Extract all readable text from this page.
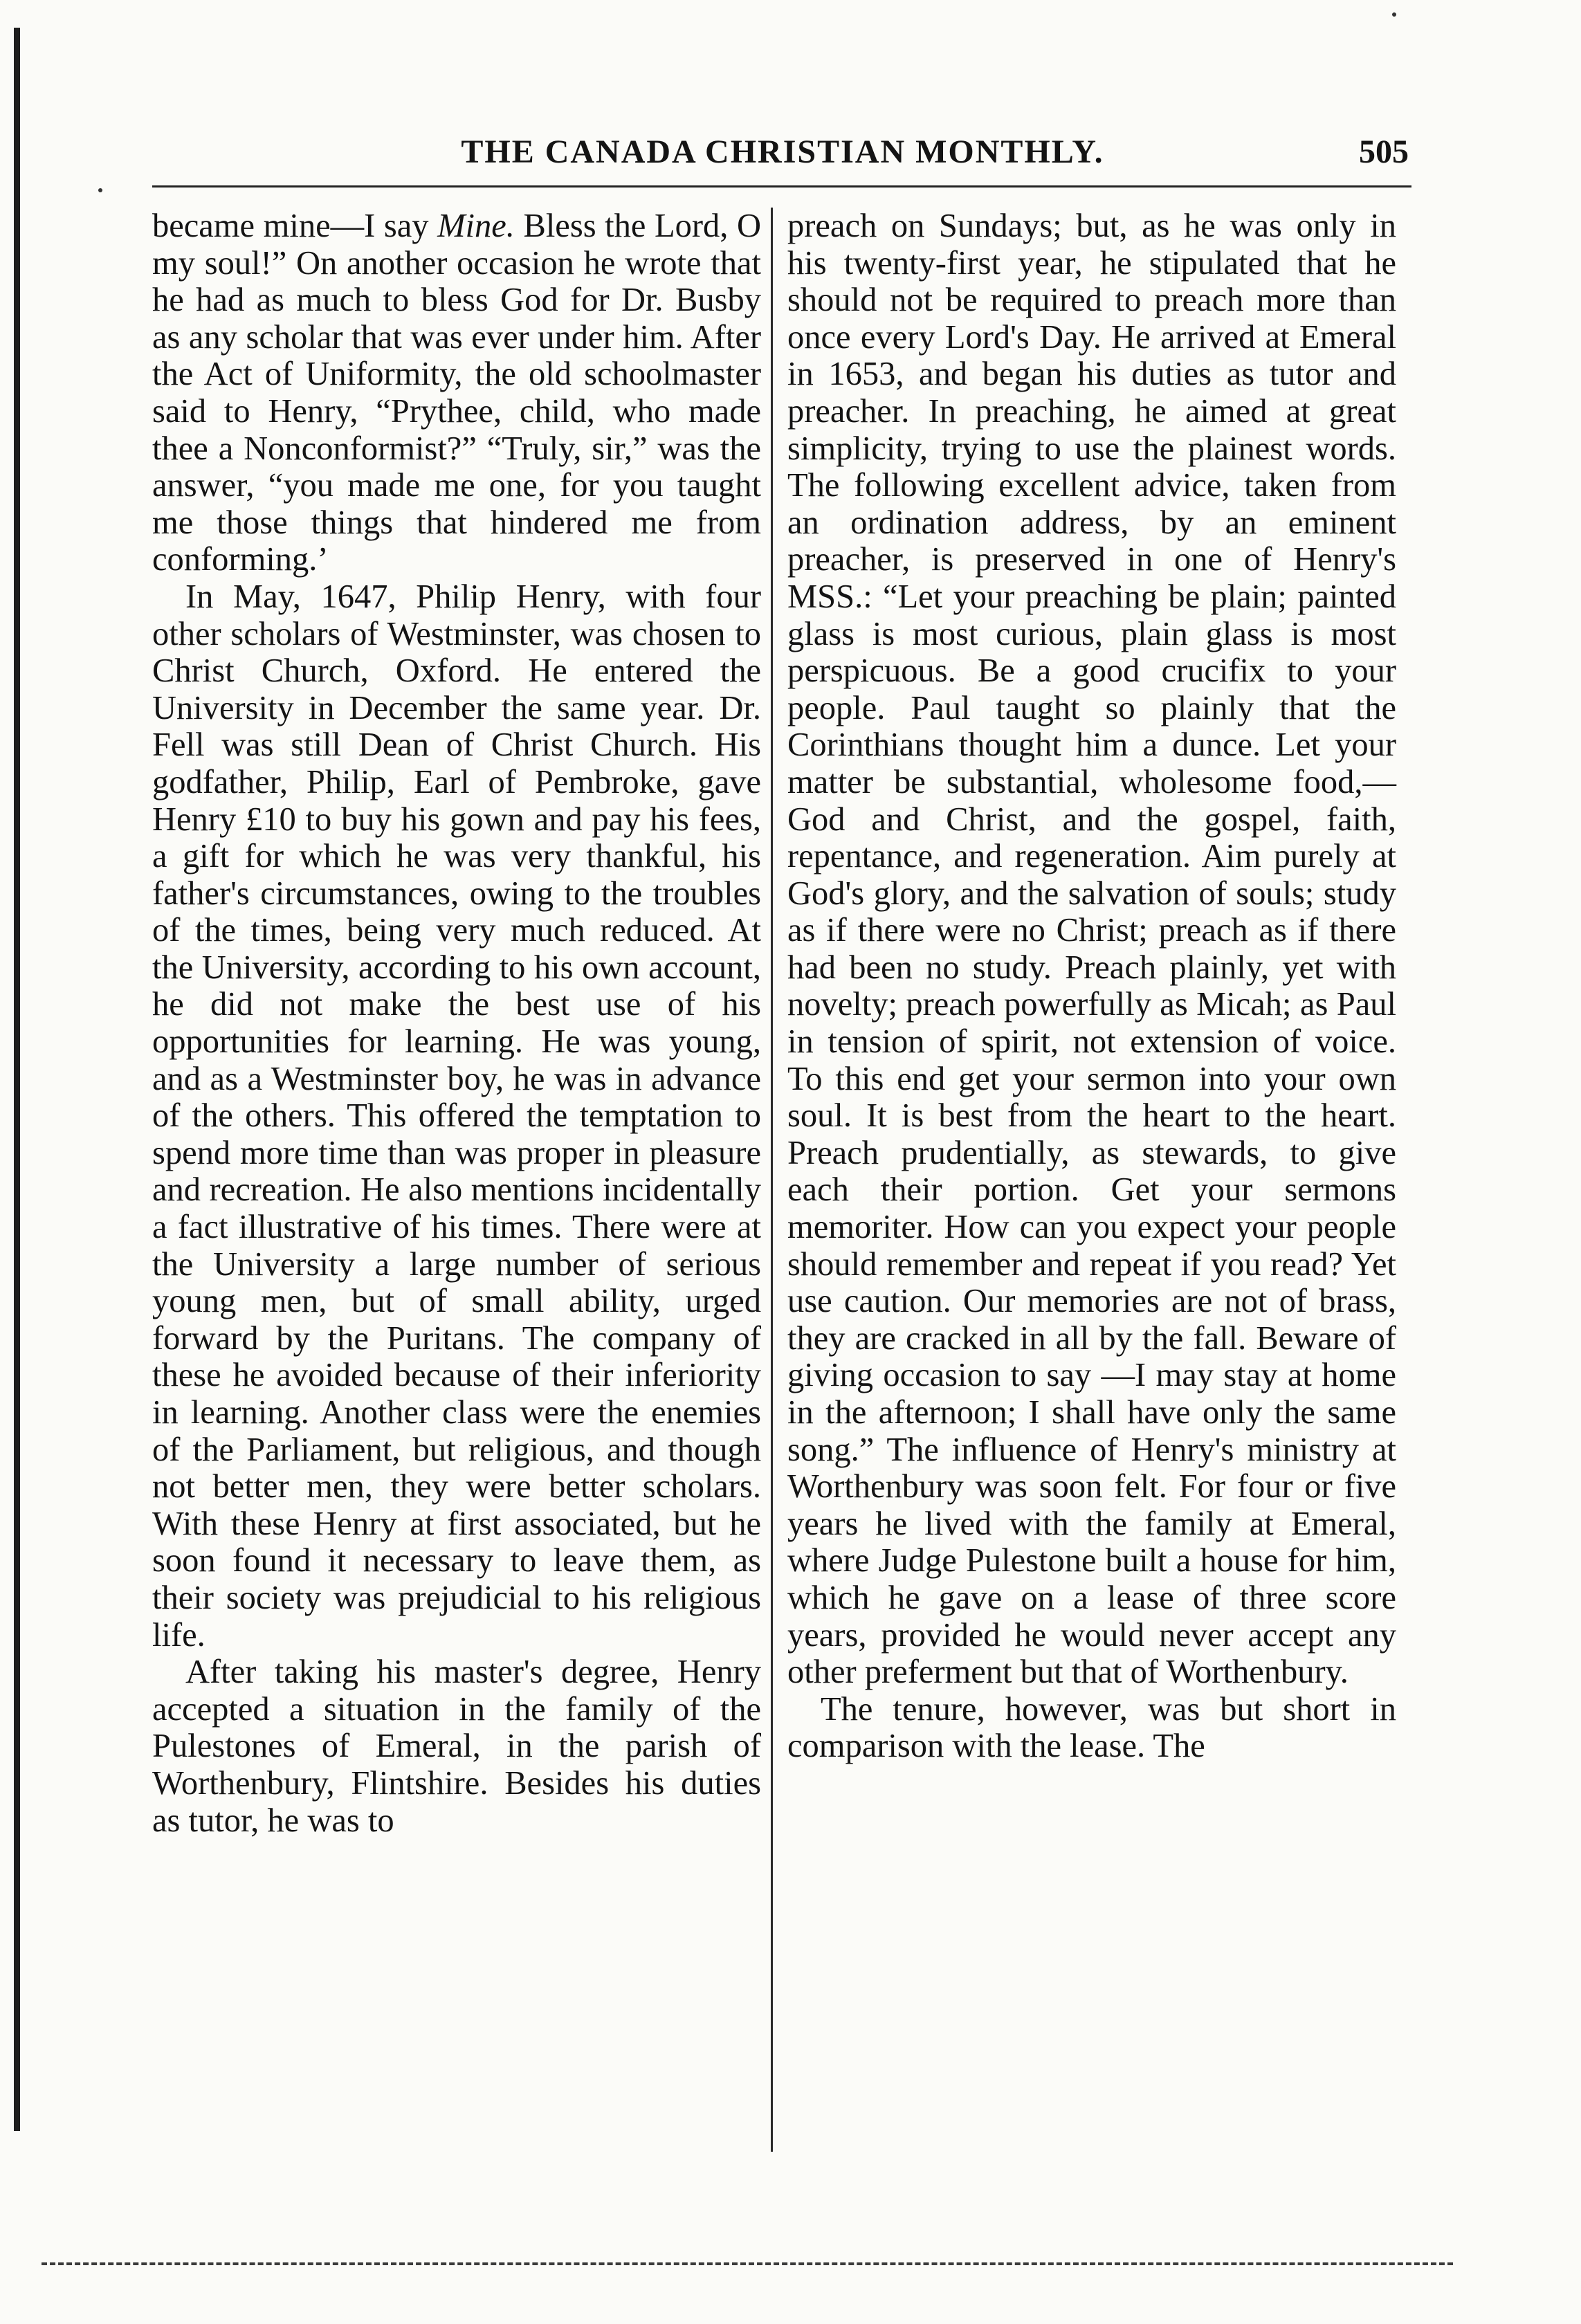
THE CANADA CHRISTIAN MONTHLY.	505

became mine—I say Mine. Bless the Lord, O my soul!” On another occasion he wrote that he had as much to bless God for Dr. Busby as any scholar that was ever under him. After the Act of Uniformity, the old schoolmaster said to Henry, “Prythee, child, who made thee a Nonconformist?” “Truly, sir,” was the answer, “you made me one, for you taught me those things that hindered me from conforming.’

In May, 1647, Philip Henry, with four other scholars of Westminster, was chosen to Christ Church, Oxford. He entered the University in December the same year. Dr. Fell was still Dean of Christ Church. His godfather, Philip, Earl of Pembroke, gave Henry £10 to buy his gown and pay his fees, a gift for which he was very thankful, his father's circumstances, owing to the troubles of the times, being very much reduced. At the University, according to his own account, he did not make the best use of his opportunities for learning. He was young, and as a Westminster boy, he was in advance of the others. This offered the temptation to spend more time than was proper in pleasure and recreation. He also mentions incidentally a fact illustrative of his times. There were at the University a large number of serious young men, but of small ability, urged forward by the Puritans. The company of these he avoided because of their inferiority in learning. Another class were the enemies of the Parliament, but religious, and though not better men, they were better scholars. With these Henry at first associated, but he soon found it necessary to leave them, as their society was prejudicial to his religious life.

After taking his master's degree, Henry accepted a situation in the family of the Pulestones of Emeral, in the parish of Worthenbury, Flintshire. Besides his duties as tutor, he was to

preach on Sundays; but, as he was only in his twenty-first year, he stipulated that he should not be required to preach more than once every Lord's Day. He arrived at Emeral in 1653, and began his duties as tutor and preacher. In preaching, he aimed at great simplicity, trying to use the plainest words. The following excellent advice, taken from an ordination address, by an eminent preacher, is preserved in one of Henry's MSS.: “Let your preaching be plain; painted glass is most curious, plain glass is most perspicuous. Be a good crucifix to your people. Paul taught so plainly that the Corinthians thought him a dunce. Let your matter be substantial, wholesome food,—God and Christ, and the gospel, faith, repentance, and regeneration. Aim purely at God's glory, and the salvation of souls; study as if there were no Christ; preach as if there had been no study. Preach plainly, yet with novelty; preach powerfully as Micah; as Paul in tension of spirit, not extension of voice. To this end get your sermon into your own soul. It is best from the heart to the heart. Preach prudentially, as stewards, to give each their portion. Get your sermons memoriter. How can you expect your people should remember and repeat if you read? Yet use caution. Our memories are not of brass, they are cracked in all by the fall. Beware of giving occasion to say —I may stay at home in the afternoon; I shall have only the same song.” The influence of Henry's ministry at Worthenbury was soon felt. For four or five years he lived with the family at Emeral, where Judge Pulestone built a house for him, which he gave on a lease of three score years, provided he would never accept any other preferment but that of Worthenbury.

The tenure, however, was but short in comparison with the lease. The
